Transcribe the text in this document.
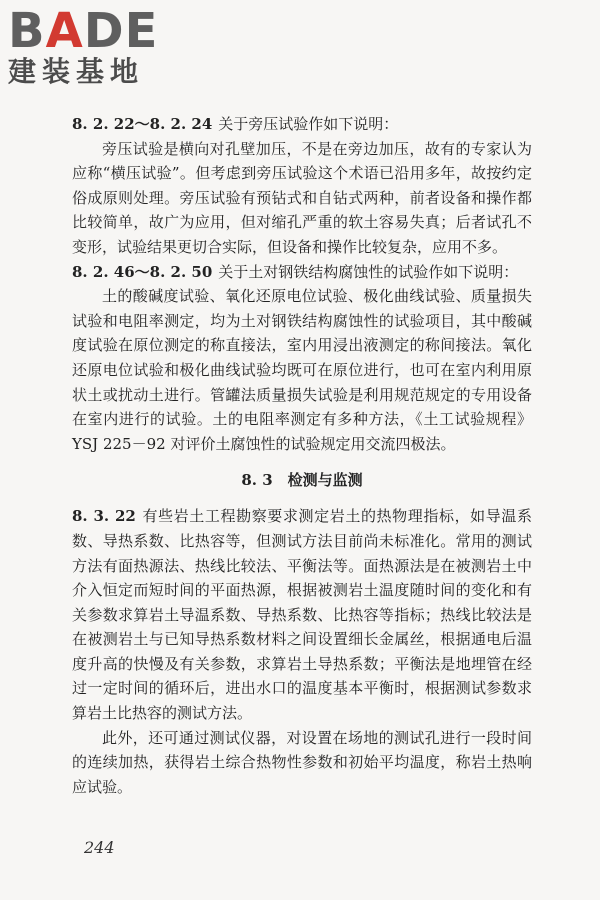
BADE
建装基地

8. 2. 22～8. 2. 24 关于旁压试验作如下说明：

旁压试验是横向对孔壁加压，不是在旁边加压，故有的专家认为应称“横压试验”。但考虑到旁压试验这个术语已沿用多年，故按约定俗成原则处理。旁压试验有预钻式和自钻式两种，前者设备和操作都比较简单，故广为应用，但对缩孔严重的软土容易失真；后者试孔不变形，试验结果更切合实际，但设备和操作比较复杂，应用不多。

8. 2. 46～8. 2. 50 关于土对钢铁结构腐蚀性的试验作如下说明：

土的酸碱度试验、氧化还原电位试验、极化曲线试验、质量损失试验和电阻率测定，均为土对钢铁结构腐蚀性的试验项目，其中酸碱度试验在原位测定的称直接法，室内用浸出液测定的称间接法。氧化还原电位试验和极化曲线试验均既可在原位进行，也可在室内利用原状土或扰动土进行。管罐法质量损失试验是利用规范规定的专用设备在室内进行的试验。土的电阻率测定有多种方法，《土工试验规程》YSJ 225－92 对评价土腐蚀性的试验规定用交流四极法。

8. 3　检测与监测

8. 3. 22 有些岩土工程勘察要求测定岩土的热物理指标，如导温系数、导热系数、比热容等，但测试方法目前尚未标准化。常用的测试方法有面热源法、热线比较法、平衡法等。面热源法是在被测岩土中介入恒定而短时间的平面热源，根据被测岩土温度随时间的变化和有关参数求算岩土导温系数、导热系数、比热容等指标；热线比较法是在被测岩土与已知导热系数材料之间设置细长金属丝，根据通电后温度升高的快慢及有关参数，求算岩土导热系数；平衡法是地埋管在经过一定时间的循环后，进出水口的温度基本平衡时，根据测试参数求算岩土比热容的测试方法。

此外，还可通过测试仪器，对设置在场地的测试孔进行一段时间的连续加热，获得岩土综合热物性参数和初始平均温度，称岩土热响应试验。

244
